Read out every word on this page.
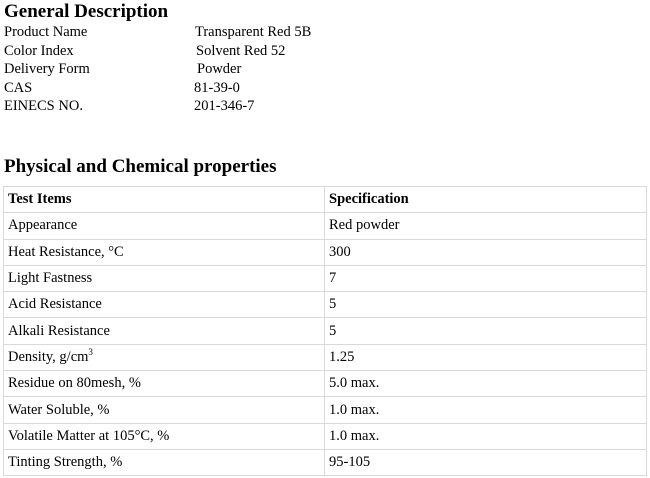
General Description
Product Name	Transparent Red 5B
Color Index	Solvent Red 52
Delivery Form	Powder
CAS	81-39-0
EINECS NO.	201-346-7
Physical and Chemical properties
Test Items	Specification
Appearance	Red powder
Heat Resistance, °C	300
Light Fastness	7
Acid Resistance	5
Alkali Resistance	5
Density, $g/cm^3$	1.25
Residue on 80mesh, %	5.0 max.
Water Soluble, %	1.0 max.
Volatile Matter at 105°C, %	1.0 max.
Tinting Strength, %	95-105
